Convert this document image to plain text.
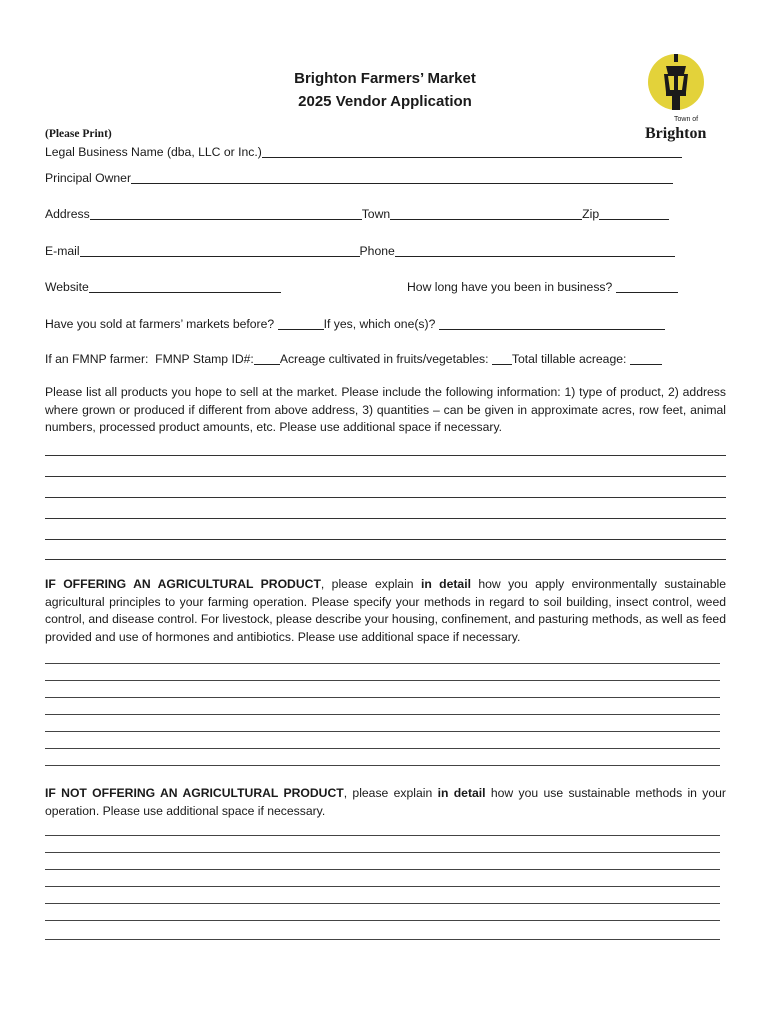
Brighton Farmers’ Market
2025 Vendor Application
Town of
Brighton
(Please Print)
Legal Business Name (dba, LLC or Inc.)
Principal Owner
Address	Town	Zip
E-mail	Phone
Website	How long have you been in business?
Have you sold at farmers’ markets before?	If yes, which one(s)?
If an FMNP farmer:  FMNP Stamp ID#: Acreage cultivated in fruits/vegetables: Total tillable acreage:
Please list all products you hope to sell at the market. Please include the following information: 1) type of product, 2) address where grown or produced if different from above address, 3) quantities – can be given in approximate acres, row feet, animal numbers, processed product amounts, etc. Please use additional space if necessary.
IF OFFERING AN AGRICULTURAL PRODUCT, please explain in detail how you apply environmentally sustainable agricultural principles to your farming operation. Please specify your methods in regard to soil building, insect control, weed control, and disease control. For livestock, please describe your housing, confinement, and pasturing methods, as well as feed provided and use of hormones and antibiotics. Please use additional space if necessary.
IF NOT OFFERING AN AGRICULTURAL PRODUCT, please explain in detail how you use sustainable methods in your operation. Please use additional space if necessary.
